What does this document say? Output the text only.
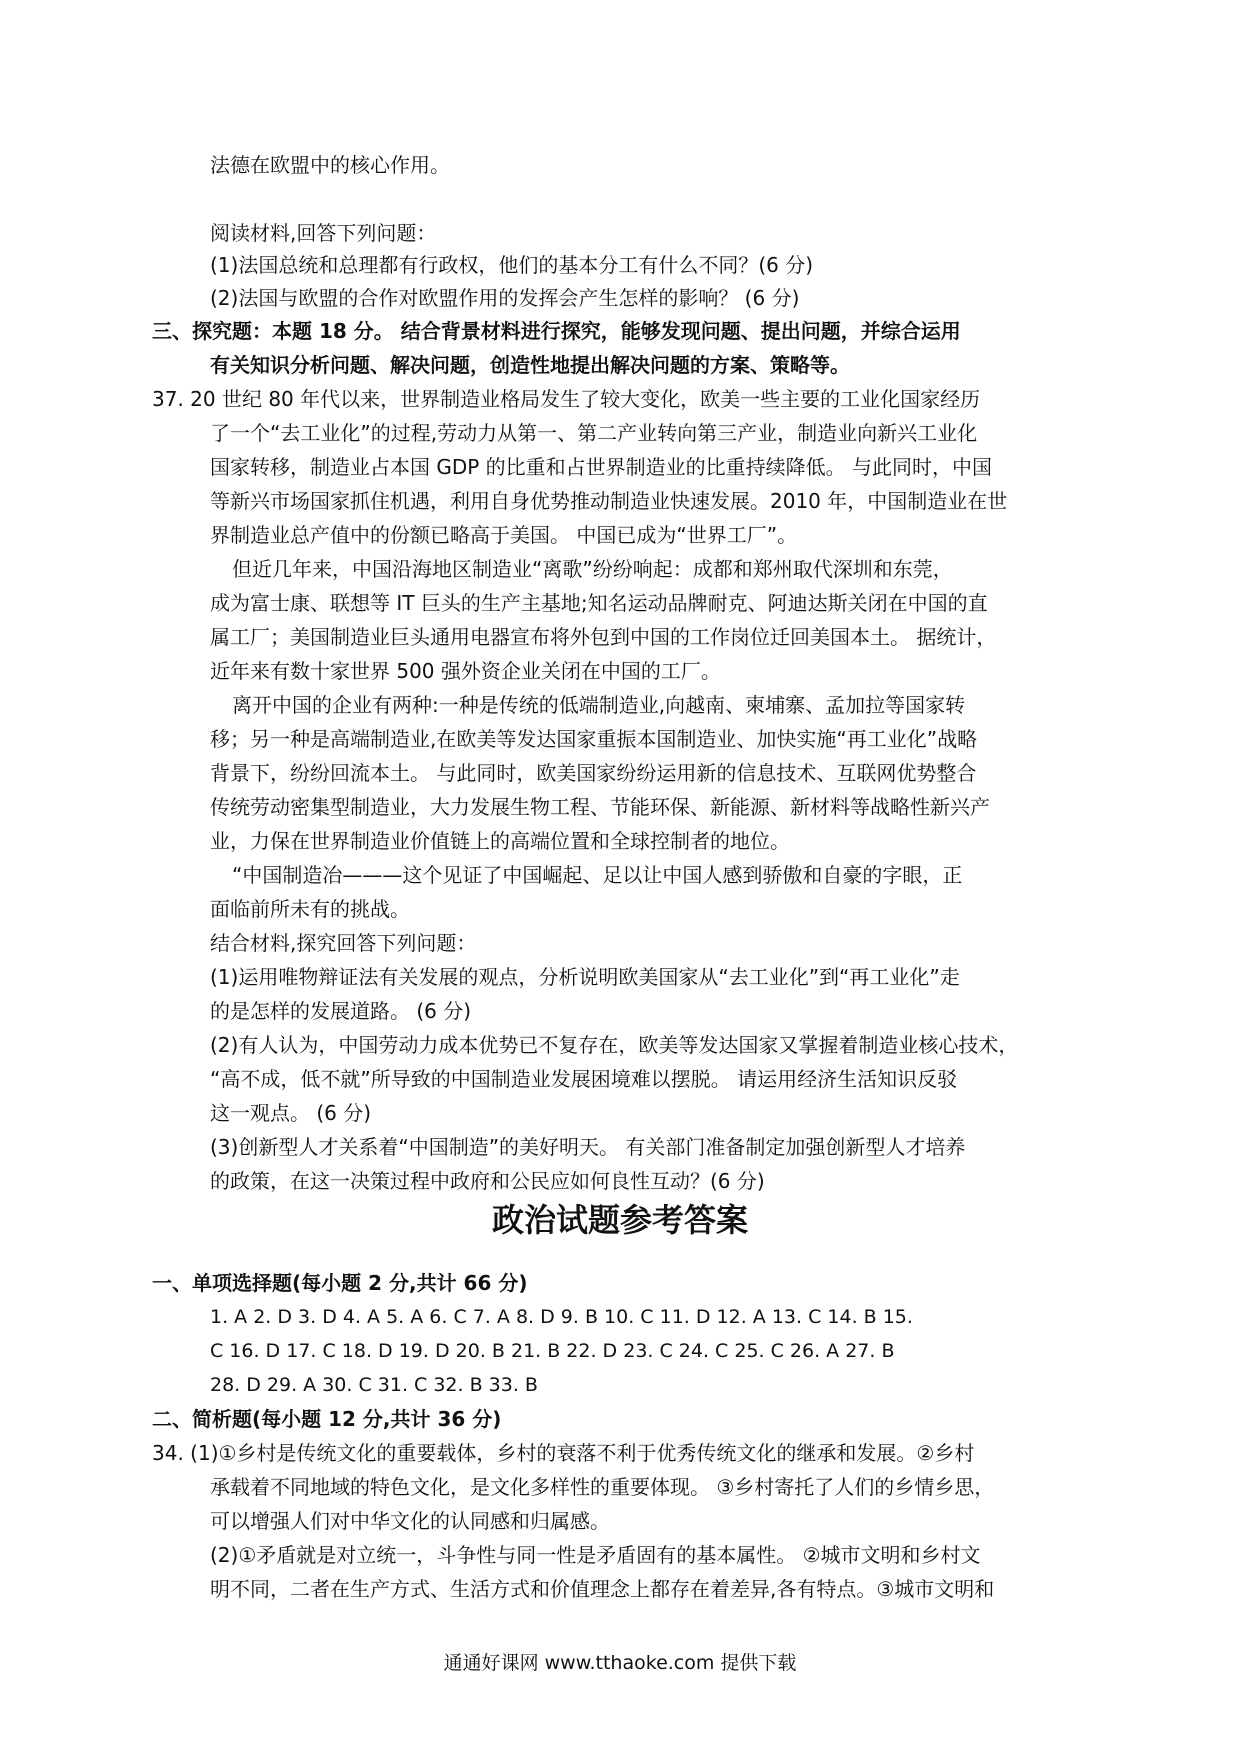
法德在欧盟中的核心作用。
阅读材料,回答下列问题：
(1)法国总统和总理都有行政权，他们的基本分工有什么不同？(6 分)
(2)法国与欧盟的合作对欧盟作用的发挥会产生怎样的影响？ (6 分)
三、探究题：本题 18 分。 结合背景材料进行探究，能够发现问题、提出问题，并综合运用
有关知识分析问题、解决问题，创造性地提出解决问题的方案、策略等。
37. 20 世纪 80 年代以来，世界制造业格局发生了较大变化，欧美一些主要的工业化国家经历
了一个“去工业化”的过程,劳动力从第一、第二产业转向第三产业，制造业向新兴工业化
国家转移，制造业占本国 GDP 的比重和占世界制造业的比重持续降低。 与此同时，中国
等新兴市场国家抓住机遇，利用自身优势推动制造业快速发展。2010 年，中国制造业在世
界制造业总产值中的份额已略高于美国。 中国已成为“世界工厂”。
但近几年来，中国沿海地区制造业“离歌”纷纷响起：成都和郑州取代深圳和东莞，
成为富士康、联想等 IT 巨头的生产主基地;知名运动品牌耐克、阿迪达斯关闭在中国的直
属工厂；美国制造业巨头通用电器宣布将外包到中国的工作岗位迁回美国本土。 据统计，
近年来有数十家世界 500 强外资企业关闭在中国的工厂。
离开中国的企业有两种:一种是传统的低端制造业,向越南、柬埔寨、孟加拉等国家转
移；另一种是高端制造业,在欧美等发达国家重振本国制造业、加快实施“再工业化”战略
背景下，纷纷回流本土。 与此同时，欧美国家纷纷运用新的信息技术、互联网优势整合
传统劳动密集型制造业，大力发展生物工程、节能环保、新能源、新材料等战略性新兴产
业，力保在世界制造业价值链上的高端位置和全球控制者的地位。
“中国制造冶———这个见证了中国崛起、足以让中国人感到骄傲和自豪的字眼，正
面临前所未有的挑战。
结合材料,探究回答下列问题：
(1)运用唯物辩证法有关发展的观点，分析说明欧美国家从“去工业化”到“再工业化”走
的是怎样的发展道路。 (6 分)
(2)有人认为，中国劳动力成本优势已不复存在，欧美等发达国家又掌握着制造业核心技术，
“高不成，低不就”所导致的中国制造业发展困境难以摆脱。 请运用经济生活知识反驳
这一观点。 (6 分)
(3)创新型人才关系着“中国制造”的美好明天。 有关部门准备制定加强创新型人才培养
的政策，在这一决策过程中政府和公民应如何良性互动？(6 分)
一、单项选择题(每小题 2 分,共计 66 分)
二、简析题(每小题 12 分,共计 36 分)
34. (1)①乡村是传统文化的重要载体，乡村的衰落不利于优秀传统文化的继承和发展。②乡村
承载着不同地域的特色文化，是文化多样性的重要体现。 ③乡村寄托了人们的乡情乡思，
可以增强人们对中华文化的认同感和归属感。
(2)①矛盾就是对立统一，斗争性与同一性是矛盾固有的基本属性。 ②城市文明和乡村文
明不同，二者在生产方式、生活方式和价值理念上都存在着差异,各有特点。③城市文明和
政治试题参考答案
1. A 2. D 3. D 4. A 5. A 6. C 7. A 8. D 9. B 10. C 11. D 12. A 13. C 14. B 15.
C 16. D 17. C 18. D 19. D 20. B 21. B 22. D 23. C 24. C 25. C 26. A 27. B
28. D 29. A 30. C 31. C 32. B 33. B
通通好课网 www.tthaoke.com 提供下载
